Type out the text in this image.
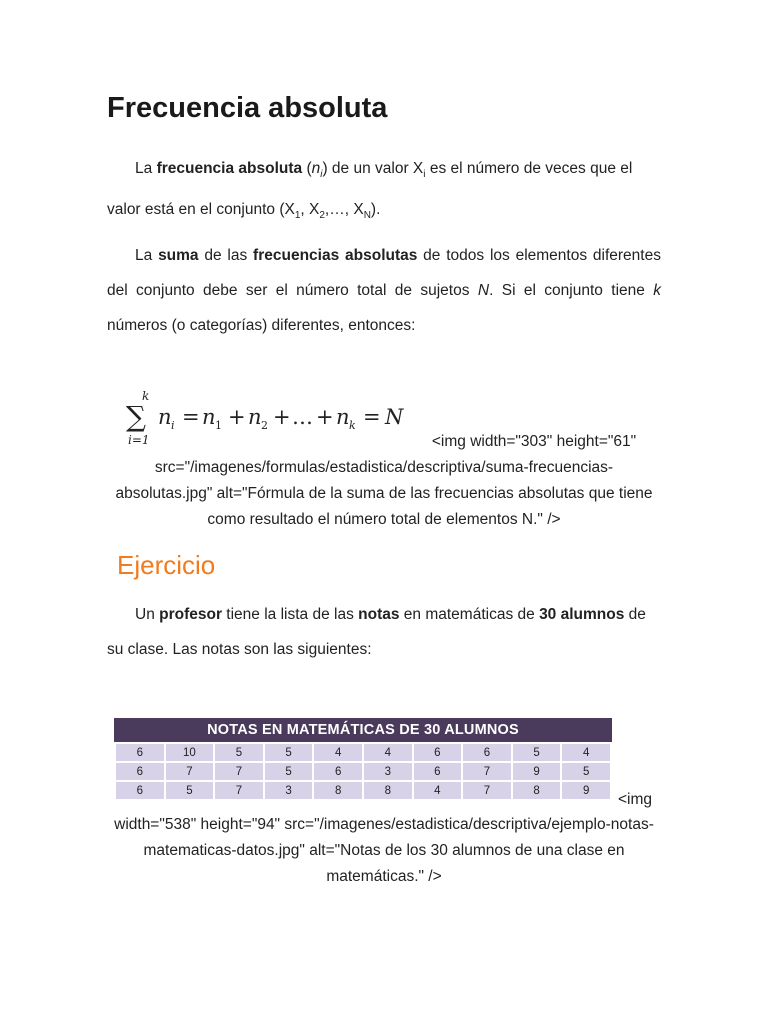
Frecuencia absoluta

La frecuencia absoluta $(n_i)$ de un valor $X_i$ es el número de veces que el valor está en el conjunto ($X_1$, $X_2,\dots$, $X_N$).

La suma de las frecuencias absolutas de todos los elementos diferentes del conjunto debe ser el número total de sujetos N. Si el conjunto tiene k números (o categorías) diferentes, entonces:

k
∑
i=1
n i = n 1 + n 2 + … + n k = N

<img width="303" height="61" src="/imagenes/formulas/estadistica/descriptiva/suma-frecuencias-absolutas.jpg" alt="Fórmula de la suma de las frecuencias absolutas que tiene como resultado el número total de elementos N." />

Ejercicio

Un profesor tiene la lista de las notas en matemáticas de 30 alumnos de su clase. Las notas son las siguientes:

NOTAS EN MATEMÁTICAS DE 30 ALUMNOS
6	10	5	5	4	4	6	6	5	4
6	7	7	5	6	3	6	7	9	5
6	5	7	3	8	8	4	7	8	9
<img

width="538" height="94" src="/imagenes/estadistica/descriptiva/ejemplo-notas-matematicas-datos.jpg" alt="Notas de los 30 alumnos de una clase en matemáticas." />
